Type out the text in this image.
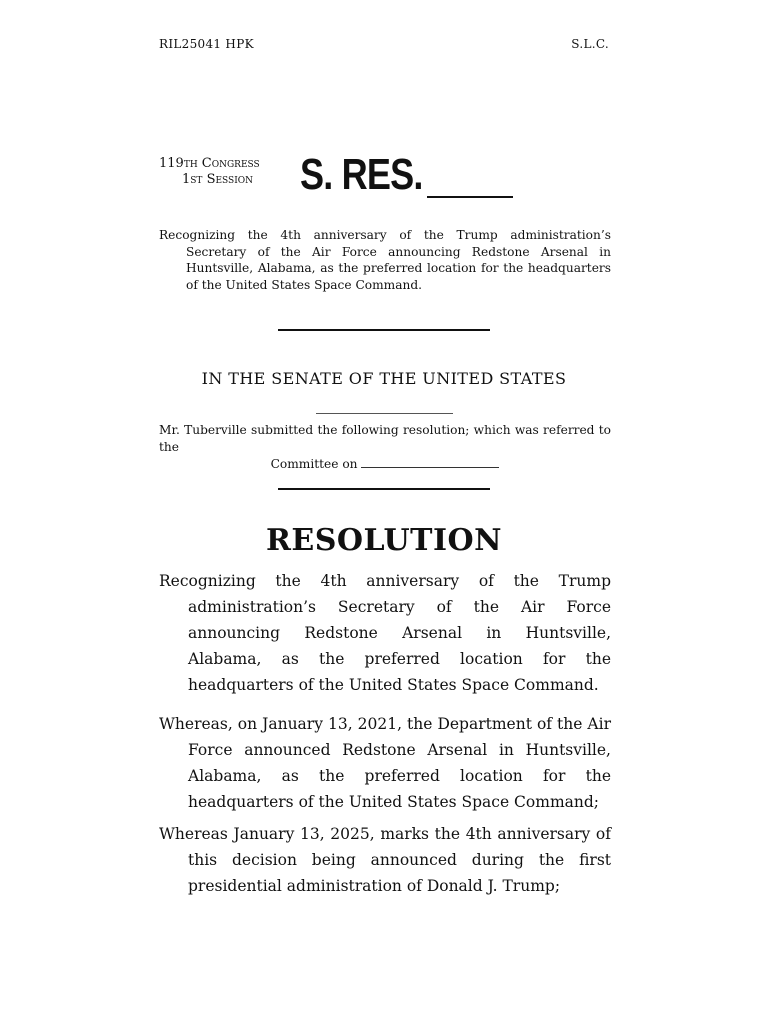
RIL25041 HPK	S.L.C.
119th Congress
1st Session S. RES.

Recognizing the 4th anniversary of the Trump administration’s Secretary of the Air Force announcing Redstone Arsenal in Huntsville, Alabama, as the preferred location for the headquarters of the United States Space Command.

IN THE SENATE OF THE UNITED STATES
Mr. Tuberville submitted the following resolution; which was referred to the
Committee on
RESOLUTION

Recognizing the 4th anniversary of the Trump administration’s Secretary of the Air Force announcing Redstone Arsenal in Huntsville, Alabama, as the preferred location for the headquarters of the United States Space Command.

Whereas, on January 13, 2021, the Department of the Air Force announced Redstone Arsenal in Huntsville, Alabama, as the preferred location for the headquarters of the United States Space Command;

Whereas January 13, 2025, marks the 4th anniversary of this decision being announced during the first presidential administration of Donald J. Trump;
